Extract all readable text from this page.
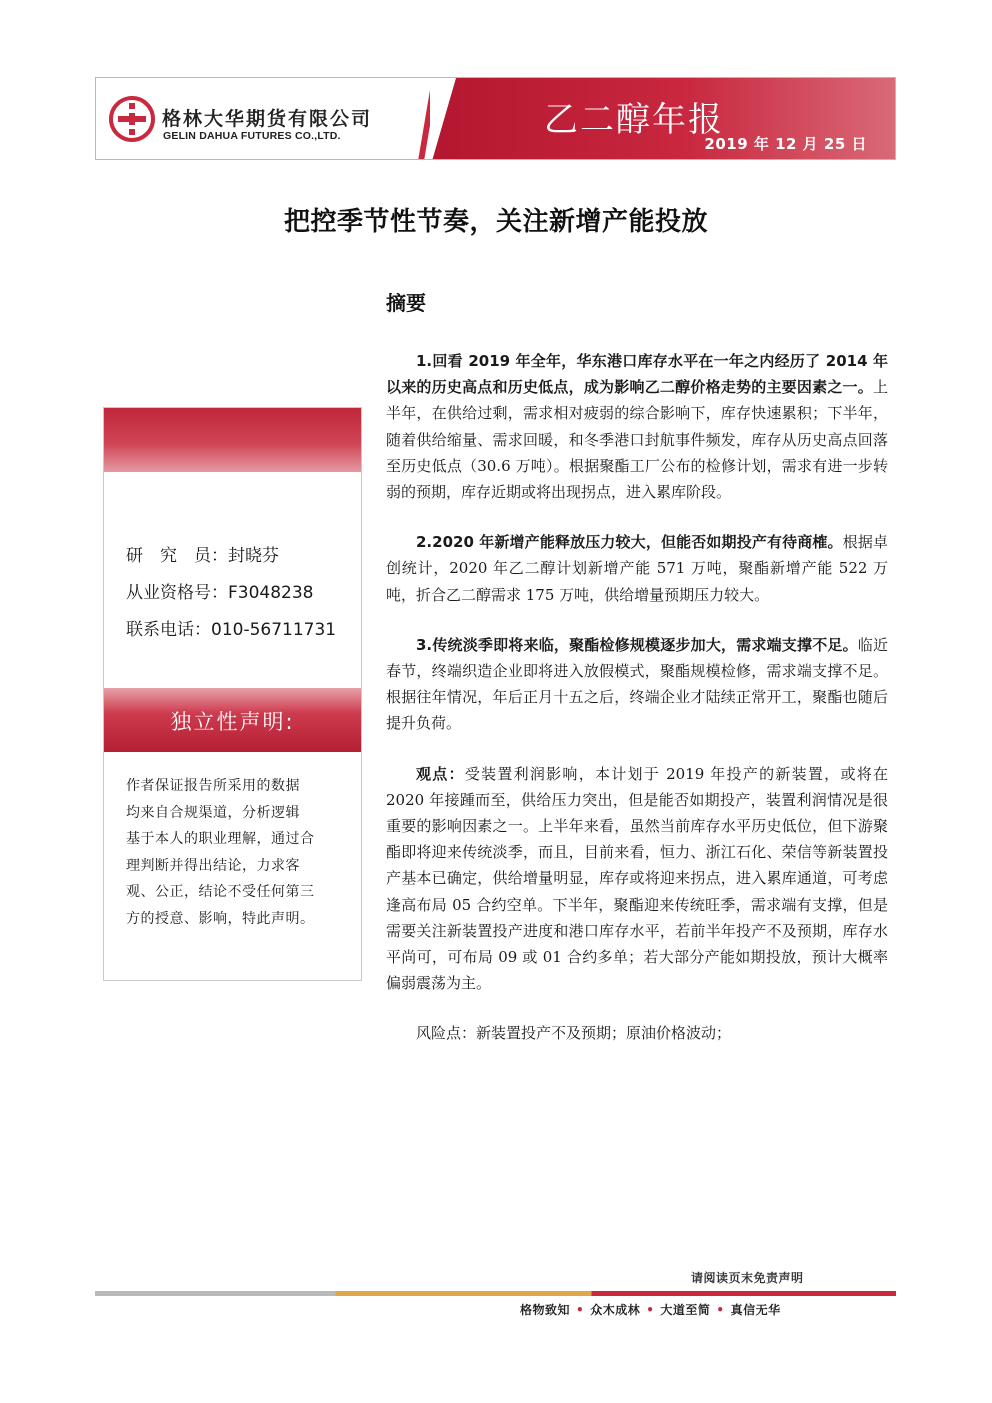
格林大华期货有限公司
GELIN DAHUA FUTURES CO.,LTD.	乙二醇年报
2019 年 12 月 25 日
把控季节性节奏，关注新增产能投放
摘要
研　究　员：封晓芬
从业资格号：F3048238
联系电话：010-56711731
独立性声明:
作者保证报告所采用的数据
均来自合规渠道，分析逻辑
基于本人的职业理解，通过合
理判断并得出结论，力求客
观、公正，结论不受任何第三
方的授意、影响，特此声明。

1.回看 2019 年全年，华东港口库存水平在一年之内经历了 2014 年以来的历史高点和历史低点，成为影响乙二醇价格走势的主要因素之一。上半年，在供给过剩，需求相对疲弱的综合影响下，库存快速累积；下半年，随着供给缩量、需求回暖，和冬季港口封航事件频发，库存从历史高点回落至历史低点（30.6 万吨）。根据聚酯工厂公布的检修计划，需求有进一步转弱的预期，库存近期或将出现拐点，进入累库阶段。

2.2020 年新增产能释放压力较大，但能否如期投产有待商榷。根据卓创统计，2020 年乙二醇计划新增产能 571 万吨，聚酯新增产能 522 万吨，折合乙二醇需求 175 万吨，供给增量预期压力较大。

3.传统淡季即将来临，聚酯检修规模逐步加大，需求端支撑不足。临近春节，终端织造企业即将进入放假模式，聚酯规模检修，需求端支撑不足。根据往年情况，年后正月十五之后，终端企业才陆续正常开工，聚酯也随后提升负荷。

观点：受装置利润影响，本计划于 2019 年投产的新装置，或将在 2020 年接踵而至，供给压力突出，但是能否如期投产，装置利润情况是很重要的影响因素之一。上半年来看，虽然当前库存水平历史低位，但下游聚酯即将迎来传统淡季，而且，目前来看，恒力、浙江石化、荣信等新装置投产基本已确定，供给增量明显，库存或将迎来拐点，进入累库通道，可考虑逢高布局 05 合约空单。下半年，聚酯迎来传统旺季，需求端有支撑，但是需要关注新装置投产进度和港口库存水平，若前半年投产不及预期，库存水平尚可，可布局 09 或 01 合约多单；若大部分产能如期投放，预计大概率偏弱震荡为主。

风险点：新装置投产不及预期；原油价格波动；

请阅读页末免责声明
格物致知 • 众木成林 • 大道至简 • 真信无华
